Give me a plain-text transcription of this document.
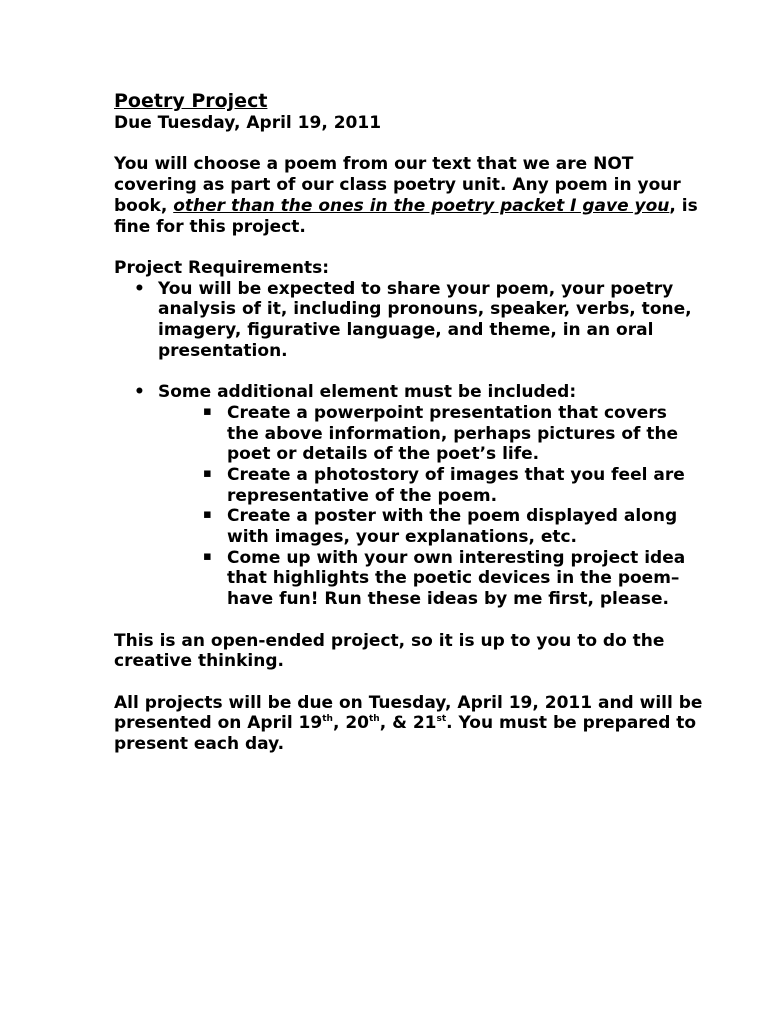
Poetry Project
Due Tuesday, April 19, 2011

You will choose a poem from our text that we are NOT covering as part of our class poetry unit. Any poem in your book, other than the ones in the poetry packet I gave you, is fine for this project.

Project Requirements:
• You will be expected to share your poem, your poetry analysis of it, including pronouns, speaker, verbs, tone, imagery, figurative language, and theme, in an oral presentation.
• Some additional element must be included:
▪ Create a powerpoint presentation that covers the above information, perhaps pictures of the poet or details of the poet’s life.
▪ Create a photostory of images that you feel are representative of the poem.
▪ Create a poster with the poem displayed along with images, your explanations, etc.
▪ Come up with your own interesting project idea that highlights the poetic devices in the poem– have fun! Run these ideas by me first, please.

This is an open-ended project, so it is up to you to do the creative thinking.

All projects will be due on Tuesday, April 19, 2011 and will be presented on April 19th, 20th, & 21st. You must be prepared to present each day.
